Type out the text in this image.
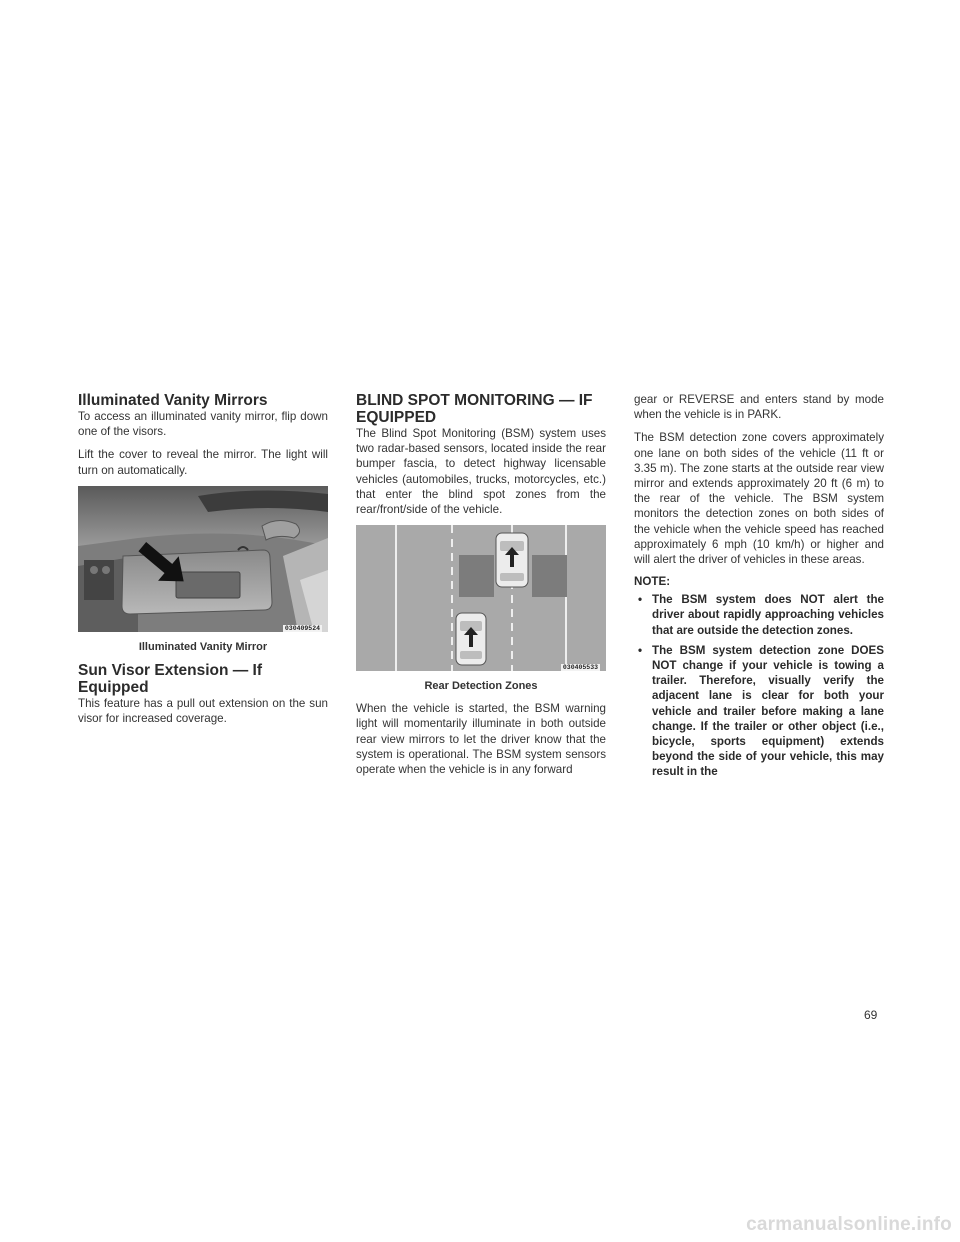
Illuminated Vanity Mirrors

To access an illuminated vanity mirror, flip down one of the visors.

Lift the cover to reveal the mirror. The light will turn on automatically.

030409524
Illuminated Vanity Mirror
Sun Visor Extension — If Equipped

This feature has a pull out extension on the sun visor for increased coverage.

BLIND SPOT MONITORING — IF EQUIPPED

The Blind Spot Monitoring (BSM) system uses two radar-based sensors, located inside the rear bumper fascia, to detect highway licensable vehicles (automobiles, trucks, motorcycles, etc.) that enter the blind spot zones from the rear/front/side of the vehicle.

030405533
Rear Detection Zones

When the vehicle is started, the BSM warning light will momentarily illuminate in both outside rear view mirrors to let the driver know that the system is operational. The BSM system sensors operate when the vehicle is in any forward

gear or REVERSE and enters stand by mode when the vehicle is in PARK.

The BSM detection zone covers approximately one lane on both sides of the vehicle (11 ft or 3.35 m). The zone starts at the outside rear view mirror and extends approximately 20 ft (6 m) to the rear of the vehicle. The BSM system monitors the detection zones on both sides of the vehicle when the vehicle speed has reached approximately 6 mph (10 km/h) or higher and will alert the driver of vehicles in these areas.

NOTE:
• The BSM system does NOT alert the driver about rapidly approaching vehicles that are outside the detection zones.
• The BSM system detection zone DOES NOT change if your vehicle is towing a trailer. Therefore, visually verify the adjacent lane is clear for both your vehicle and trailer before making a lane change. If the trailer or other object (i.e., bicycle, sports equipment) extends beyond the side of your vehicle, this may result in the
69
carmanualsonline.info
